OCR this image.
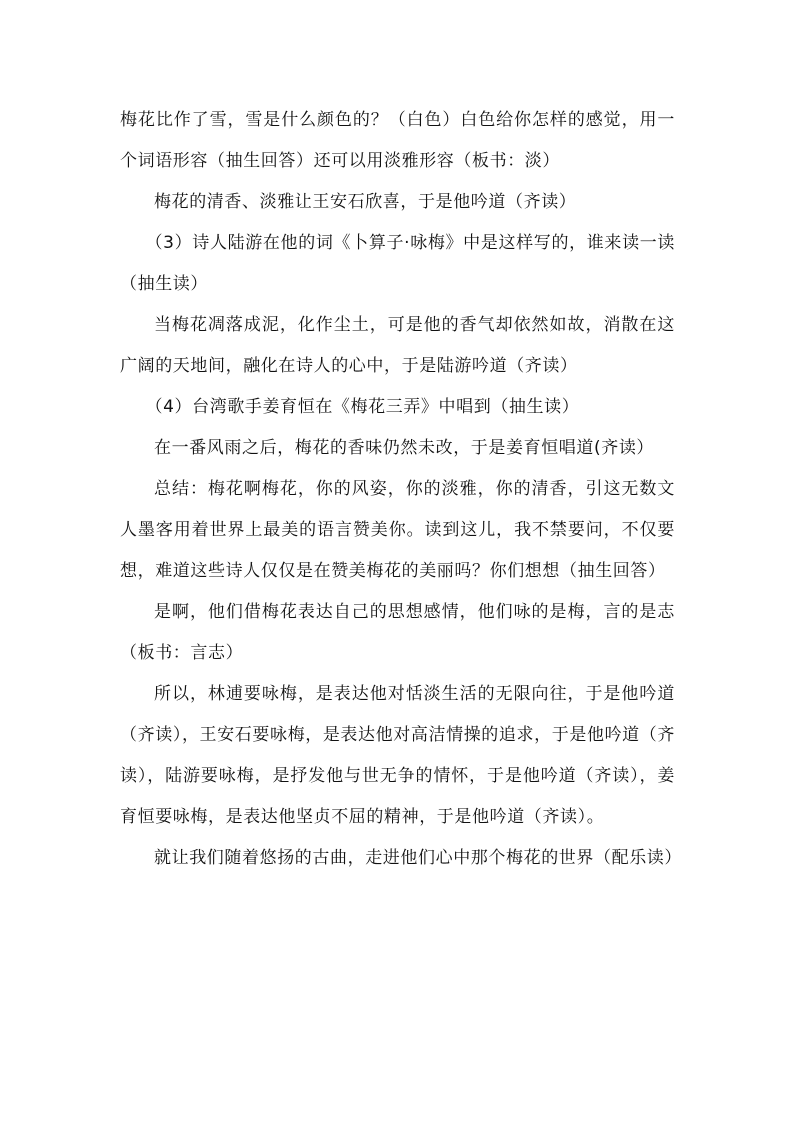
梅花比作了雪，雪是什么颜色的？（白色）白色给你怎样的感觉，用一个词语形容（抽生回答）还可以用淡雅形容（板书：淡）

梅花的清香、淡雅让王安石欣喜，于是他吟道（齐读）

（3）诗人陆游在他的词《卜算子·咏梅》中是这样写的，谁来读一读（抽生读）

当梅花凋落成泥，化作尘土，可是他的香气却依然如故，消散在这广阔的天地间，融化在诗人的心中，于是陆游吟道（齐读）

（4）台湾歌手姜育恒在《梅花三弄》中唱到（抽生读）

在一番风雨之后，梅花的香味仍然未改，于是姜育恒唱道(齐读）

总结：梅花啊梅花，你的风姿，你的淡雅，你的清香，引这无数文人墨客用着世界上最美的语言赞美你。读到这儿，我不禁要问，不仅要想，难道这些诗人仅仅是在赞美梅花的美丽吗？你们想想（抽生回答）

是啊，他们借梅花表达自己的思想感情，他们咏的是梅，言的是志（板书：言志）

所以，林逋要咏梅，是表达他对恬淡生活的无限向往，于是他吟道（齐读），王安石要咏梅，是表达他对高洁情操的追求，于是他吟道（齐读），陆游要咏梅，是抒发他与世无争的情怀，于是他吟道（齐读），姜育恒要咏梅，是表达他坚贞不屈的精神，于是他吟道（齐读）。

就让我们随着悠扬的古曲，走进他们心中那个梅花的世界（配乐读）
